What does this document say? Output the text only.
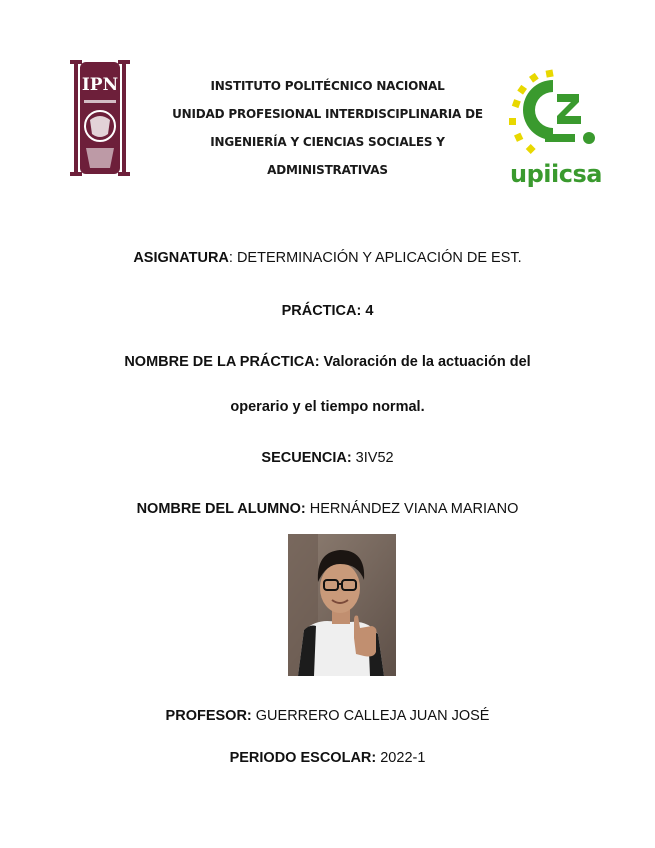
IPN	INSTITUTO POLITÉCNICO NACIONAL
UNIDAD PROFESIONAL INTERDISCIPLINARIA DE
INGENIERÍA Y CIENCIAS SOCIALES Y
ADMINISTRATIVAS	upiicsa
ASIGNATURA: DETERMINACIÓN Y APLICACIÓN DE EST.
PRÁCTICA: 4
NOMBRE DE LA PRÁCTICA: Valoración de la actuación del
operario y el tiempo normal.
SECUENCIA: 3IV52
NOMBRE DEL ALUMNO: HERNÁNDEZ VIANA MARIANO
PROFESOR: GUERRERO CALLEJA JUAN JOSÉ
PERIODO ESCOLAR: 2022-1
